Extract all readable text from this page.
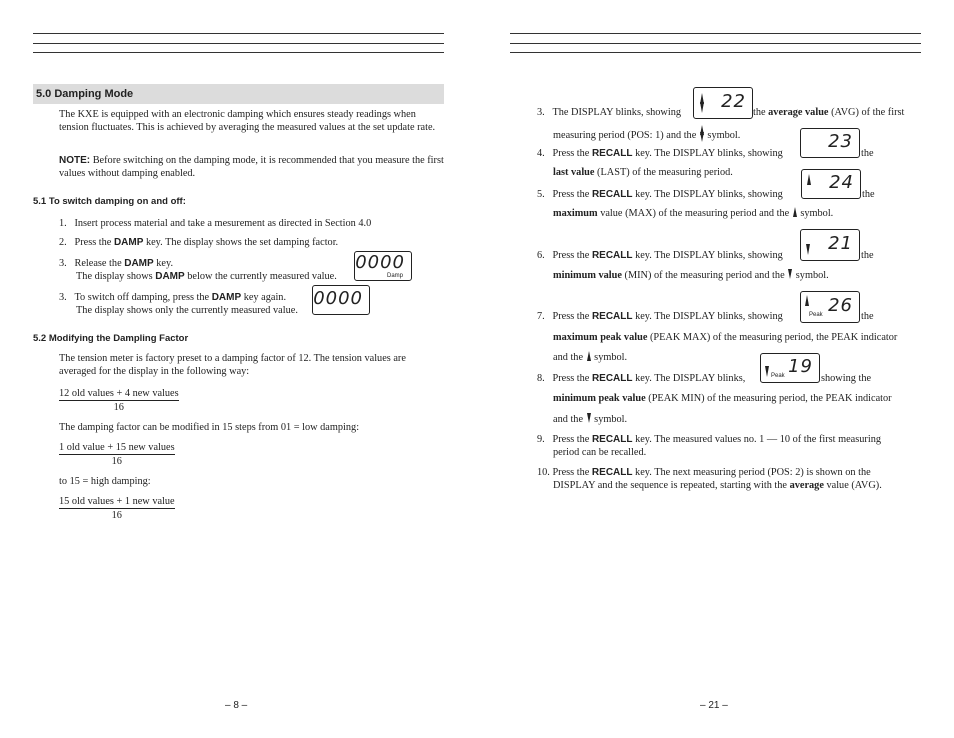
5.0 Damping Mode
The KXE is equipped with an electronic damping which ensures steady readings when tension fluctuates. This is achieved by averaging the measured values at the set update rate.
NOTE: Before switching on the damping mode, it is recommended that you measure the first values without damping enabled.
5.1 To switch damping on and off:
1. Insert process material and take a mesurement as directed in Section 4.0
2. Press the DAMP key. The display shows the set damping factor.
3. Release the DAMP key.
The display shows DAMP below the currently measured value.
0000
Damp
3. To switch off damping, press the DAMP key again.
The display shows only the currently measured value.
0000
5.2 Modifying the Dampling Factor
The tension meter is factory preset to a damping factor of 12. The tension values are averaged for the display in the following way:
12 old values + 4 new values
16
The damping factor can be modified in 15 steps from 01 = low damping:
1 old value + 15 new values
16
to 15 = high damping:
15 old values + 1 new value
16
– 8 –
3. The DISPLAY blinks, showing
22
the average value (AVG) of the first
measuring period (POS: 1) and the  symbol.
4. Press the RECALL key. The DISPLAY blinks, showing
23
the
last value (LAST) of the measuring period.
5.   Press the RECALL key. The DISPLAY blinks, showing
24
the
maximum value (MAX) of the measuring period and the  symbol.
6. Press the RECALL key. The DISPLAY blinks, showing
21
the
minimum value (MIN) of the measuring period and the  symbol.
7. Press the RECALL key. The DISPLAY blinks, showing	Peak 26
the
maximum peak value (PEAK MAX) of the measuring period, the PEAK indicator
and the  symbol.
8. Press the RECALL key. The DISPLAY blinks,	Peak 19
showing the
minimum peak value (PEAK MIN) of the measuring period, the PEAK indicator
and the  symbol.
9. Press the RECALL key. The measured values no. 1 — 10 of the first measuring
period can be recalled.
10. Press the RECALL key. The next measuring period (POS: 2) is shown on the
DISPLAY and the sequence is repeated, starting with the average value (AVG).
– 21 –
